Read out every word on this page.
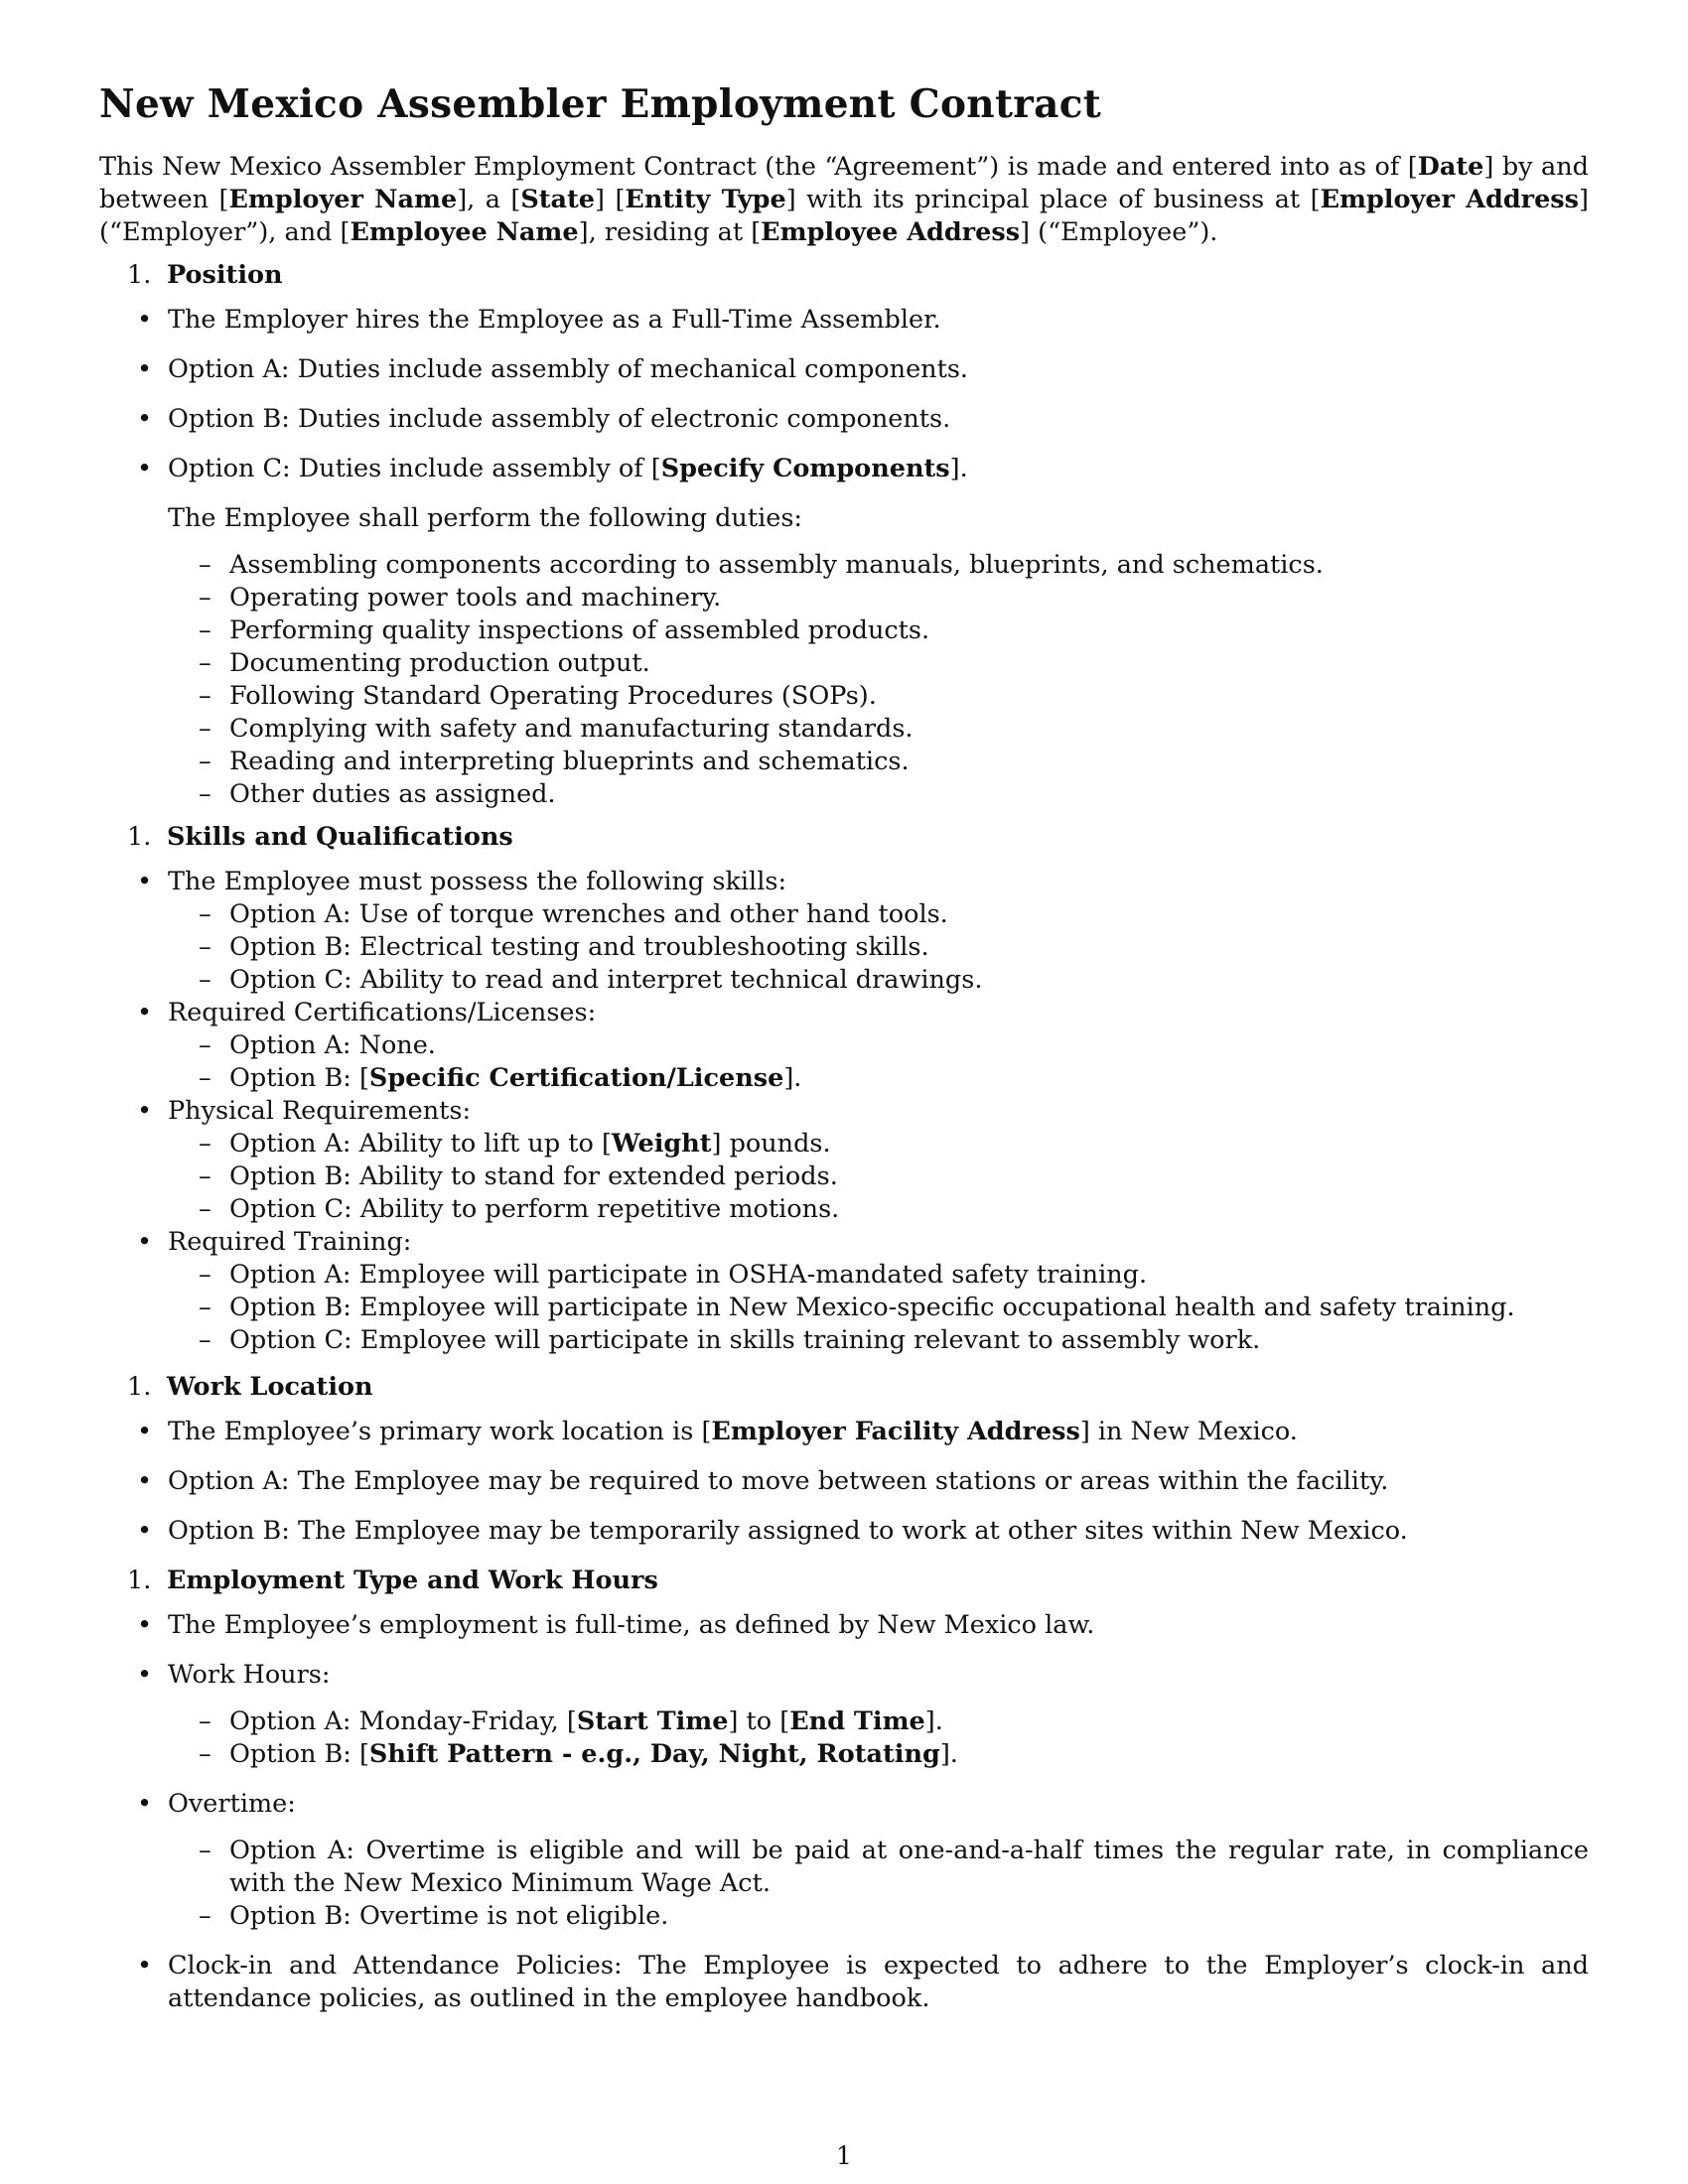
New Mexico Assembler Employment Contract

This New Mexico Assembler Employment Contract (the “Agreement”) is made and entered into as of [Date] by and between [Employer Name], a [State] [Entity Type] with its principal place of business at [Employer Address] (“Employer”), and [Employee Name], residing at [Employee Address] (“Employee”).

1. Position
• The Employer hires the Employee as a Full-Time Assembler.
• Option A: Duties include assembly of mechanical components.
• Option B: Duties include assembly of electronic components.
• Option C: Duties include assembly of [Specify Components].
The Employee shall perform the following duties:
– Assembling components according to assembly manuals, blueprints, and schematics.
– Operating power tools and machinery.
– Performing quality inspections of assembled products.
– Documenting production output.
– Following Standard Operating Procedures (SOPs).
– Complying with safety and manufacturing standards.
– Reading and interpreting blueprints and schematics.
– Other duties as assigned.
1. Skills and Qualifications
• The Employee must possess the following skills:
– Option A: Use of torque wrenches and other hand tools.
– Option B: Electrical testing and troubleshooting skills.
– Option C: Ability to read and interpret technical drawings.
• Required Certifications/Licenses:
– Option A: None.
– Option B: [Specific Certification/License].
• Physical Requirements:
– Option A: Ability to lift up to [Weight] pounds.
– Option B: Ability to stand for extended periods.
– Option C: Ability to perform repetitive motions.
• Required Training:
– Option A: Employee will participate in OSHA-mandated safety training.
– Option B: Employee will participate in New Mexico-specific occupational health and safety training.
– Option C: Employee will participate in skills training relevant to assembly work.
1. Work Location
• The Employee’s primary work location is [Employer Facility Address] in New Mexico.
• Option A: The Employee may be required to move between stations or areas within the facility.
• Option B: The Employee may be temporarily assigned to work at other sites within New Mexico.
1. Employment Type and Work Hours
• The Employee’s employment is full-time, as defined by New Mexico law.
• Work Hours:
– Option A: Monday-Friday, [Start Time] to [End Time].
– Option B: [Shift Pattern - e.g., Day, Night, Rotating].
• Overtime:
– Option A: Overtime is eligible and will be paid at one-and-a-half times the regular rate, in compliance with the New Mexico Minimum Wage Act.
– Option B: Overtime is not eligible.
• Clock-in and Attendance Policies: The Employee is expected to adhere to the Employer’s clock-in and attendance policies, as outlined in the employee handbook.
1
